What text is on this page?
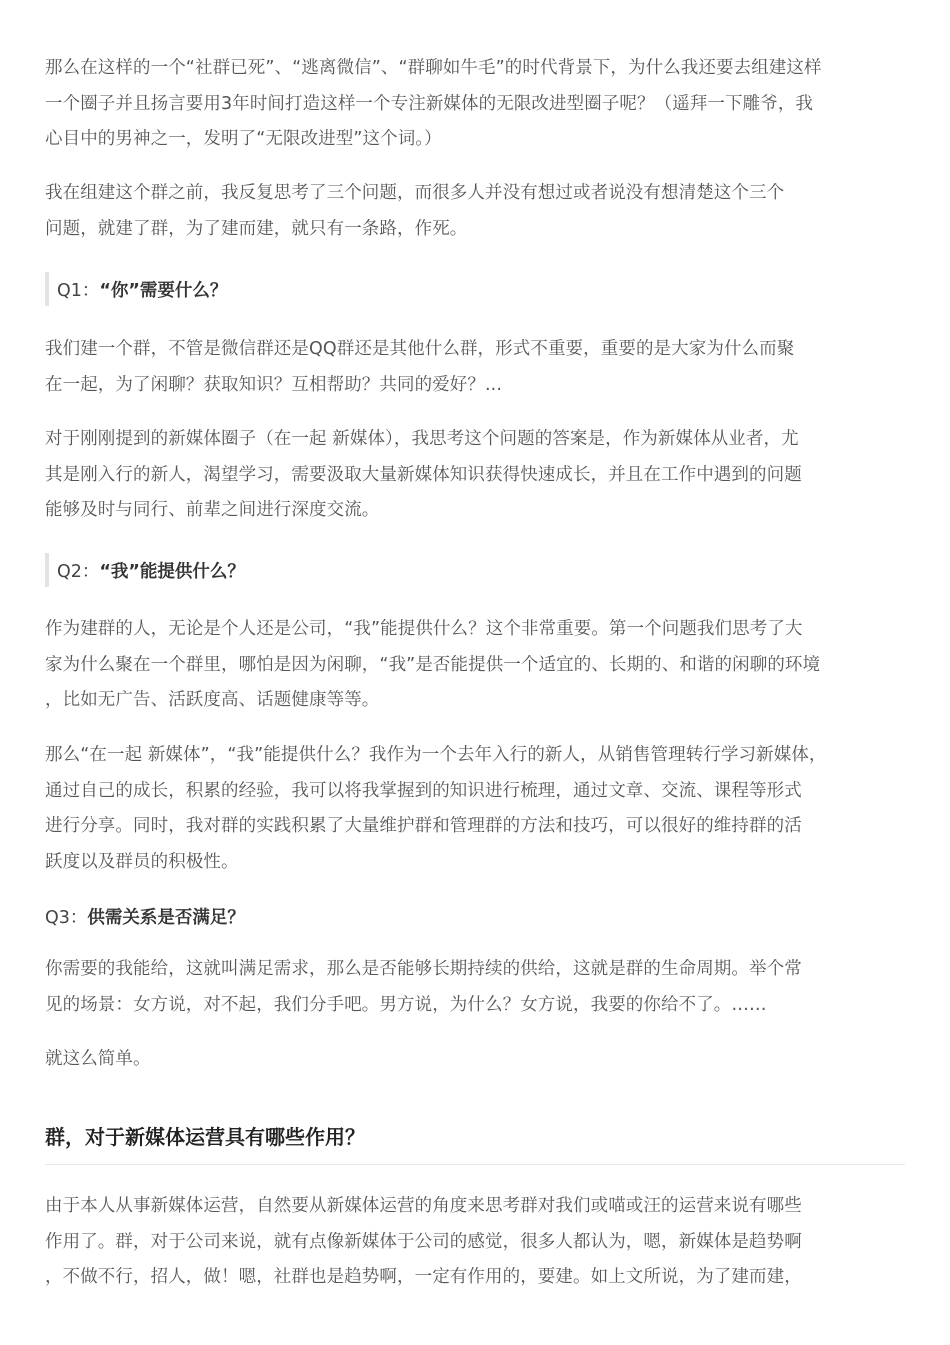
那么在这样的一个“社群已死”、“逃离微信”、“群聊如牛毛”的时代背景下，为什么我还要去组建这样
一个圈子并且扬言要用3年时间打造这样一个专注新媒体的无限改进型圈子呢？（遥拜一下雕爷，我
心目中的男神之一，发明了“无限改进型”这个词。）
我在组建这个群之前，我反复思考了三个问题，而很多人并没有想过或者说没有想清楚这个三个
问题，就建了群，为了建而建，就只有一条路，作死。
Q1：“你”需要什么？
我们建一个群，不管是微信群还是QQ群还是其他什么群，形式不重要，重要的是大家为什么而聚
在一起，为了闲聊？获取知识？互相帮助？共同的爱好？...
对于刚刚提到的新媒体圈子（在一起 新媒体），我思考这个问题的答案是，作为新媒体从业者，尤
其是刚入行的新人，渴望学习，需要汲取大量新媒体知识获得快速成长，并且在工作中遇到的问题
能够及时与同行、前辈之间进行深度交流。
Q2：“我”能提供什么？
作为建群的人，无论是个人还是公司，“我”能提供什么？这个非常重要。第一个问题我们思考了大
家为什么聚在一个群里，哪怕是因为闲聊，“我”是否能提供一个适宜的、长期的、和谐的闲聊的环境
，比如无广告、活跃度高、话题健康等等。
那么“在一起 新媒体”，“我”能提供什么？我作为一个去年入行的新人，从销售管理转行学习新媒体，
通过自己的成长，积累的经验，我可以将我掌握到的知识进行梳理，通过文章、交流、课程等形式
进行分享。同时，我对群的实践积累了大量维护群和管理群的方法和技巧，可以很好的维持群的活
跃度以及群员的积极性。
Q3：供需关系是否满足？
你需要的我能给，这就叫满足需求，那么是否能够长期持续的供给，这就是群的生命周期。举个常
见的场景：女方说，对不起，我们分手吧。男方说，为什么？女方说，我要的你给不了。……
就这么简单。
群，对于新媒体运营具有哪些作用？
由于本人从事新媒体运营，自然要从新媒体运营的角度来思考群对我们或喵或汪的运营来说有哪些
作用了。群，对于公司来说，就有点像新媒体于公司的感觉，很多人都认为，嗯，新媒体是趋势啊
，不做不行，招人，做！嗯，社群也是趋势啊，一定有作用的，要建。如上文所说，为了建而建，
